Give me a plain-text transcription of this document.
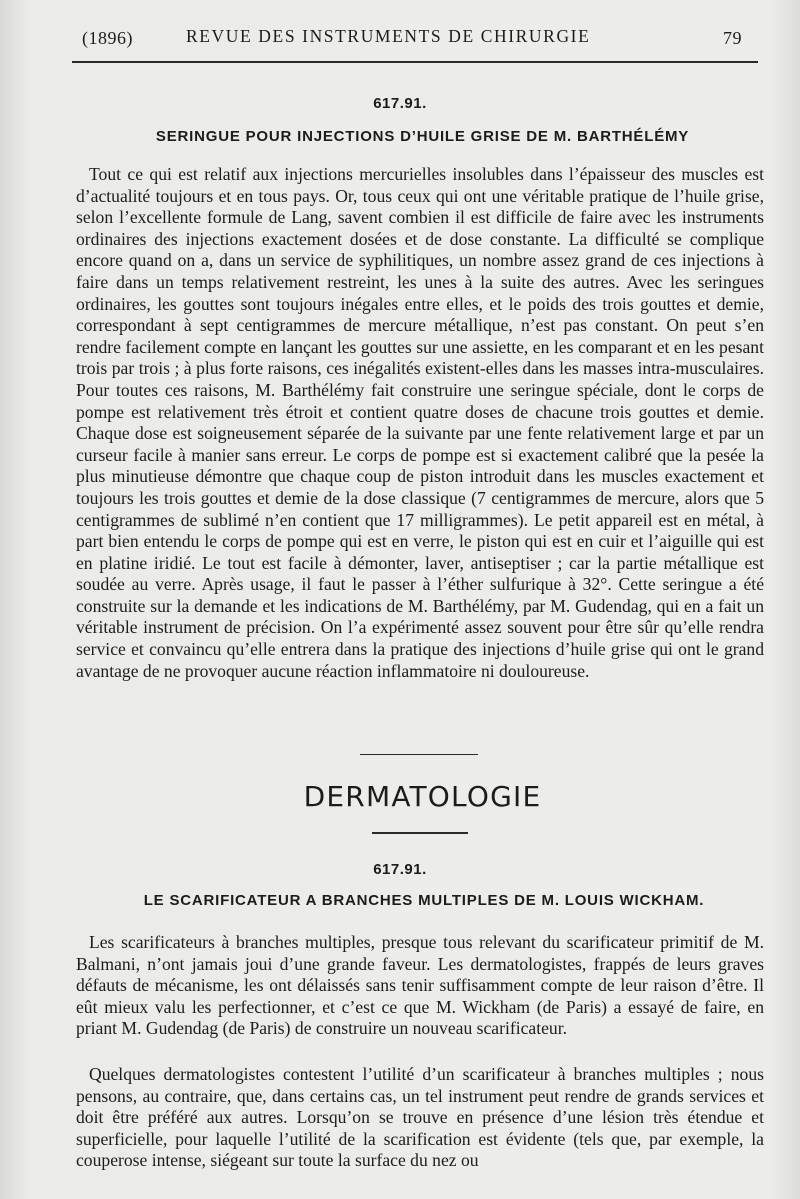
(1896)	REVUE DES INSTRUMENTS DE CHIRURGIE	79
617.91.
SERINGUE POUR INJECTIONS D’HUILE GRISE DE M. BARTHÉLÉMY

Tout ce qui est relatif aux injections mercurielles insolubles dans l’épaisseur des muscles est d’actualité toujours et en tous pays. Or, tous ceux qui ont une véritable pratique de l’huile grise, selon l’excellente formule de Lang, savent combien il est difficile de faire avec les instruments ordinaires des injections exactement dosées et de dose constante. La difficulté se complique encore quand on a, dans un service de syphilitiques, un nombre assez grand de ces injections à faire dans un temps relativement restreint, les unes à la suite des autres. Avec les seringues ordinaires, les gouttes sont toujours inégales entre elles, et le poids des trois gouttes et demie, correspondant à sept centigrammes de mercure métallique, n’est pas constant. On peut s’en rendre facilement compte en lançant les gouttes sur une assiette, en les comparant et en les pesant trois par trois ; à plus forte raisons, ces inégalités existent-elles dans les masses intra-musculaires. Pour toutes ces raisons, M. Barthélémy fait construire une seringue spéciale, dont le corps de pompe est relativement très étroit et contient quatre doses de chacune trois gouttes et demie. Chaque dose est soigneusement séparée de la suivante par une fente relativement large et par un curseur facile à manier sans erreur. Le corps de pompe est si exactement calibré que la pesée la plus minutieuse démontre que chaque coup de piston introduit dans les muscles exactement et toujours les trois gouttes et demie de la dose classique (7 centigrammes de mercure, alors que 5 centigrammes de sublimé n’en contient que 17 milligrammes). Le petit appareil est en métal, à part bien entendu le corps de pompe qui est en verre, le piston qui est en cuir et l’aiguille qui est en platine iridié. Le tout est facile à démonter, laver, antiseptiser ; car la partie métallique est soudée au verre. Après usage, il faut le passer à l’éther sulfurique à 32°. Cette seringue a été construite sur la demande et les indications de M. Barthélémy, par M. Gudendag, qui en a fait un véritable instrument de précision. On l’a expérimenté assez souvent pour être sûr qu’elle rendra service et convaincu qu’elle entrera dans la pratique des injections d’huile grise qui ont le grand avantage de ne provoquer aucune réaction inflammatoire ni douloureuse.

DERMATOLOGIE
617.91.
LE SCARIFICATEUR A BRANCHES MULTIPLES DE M. LOUIS WICKHAM.

Les scarificateurs à branches multiples, presque tous relevant du scarificateur primitif de M. Balmani, n’ont jamais joui d’une grande faveur. Les dermatologistes, frappés de leurs graves défauts de mécanisme, les ont délaissés sans tenir suffisamment compte de leur raison d’être. Il eût mieux valu les perfectionner, et c’est ce que M. Wickham (de Paris) a essayé de faire, en priant M. Gudendag (de Paris) de construire un nouveau scarificateur.

Quelques dermatologistes contestent l’utilité d’un scarificateur à branches multiples ; nous pensons, au contraire, que, dans certains cas, un tel instrument peut rendre de grands services et doit être préféré aux autres. Lorsqu’on se trouve en présence d’une lésion très étendue et superficielle, pour laquelle l’utilité de la scarification est évidente (tels que, par exemple, la couperose intense, siégeant sur toute la surface du nez ou
